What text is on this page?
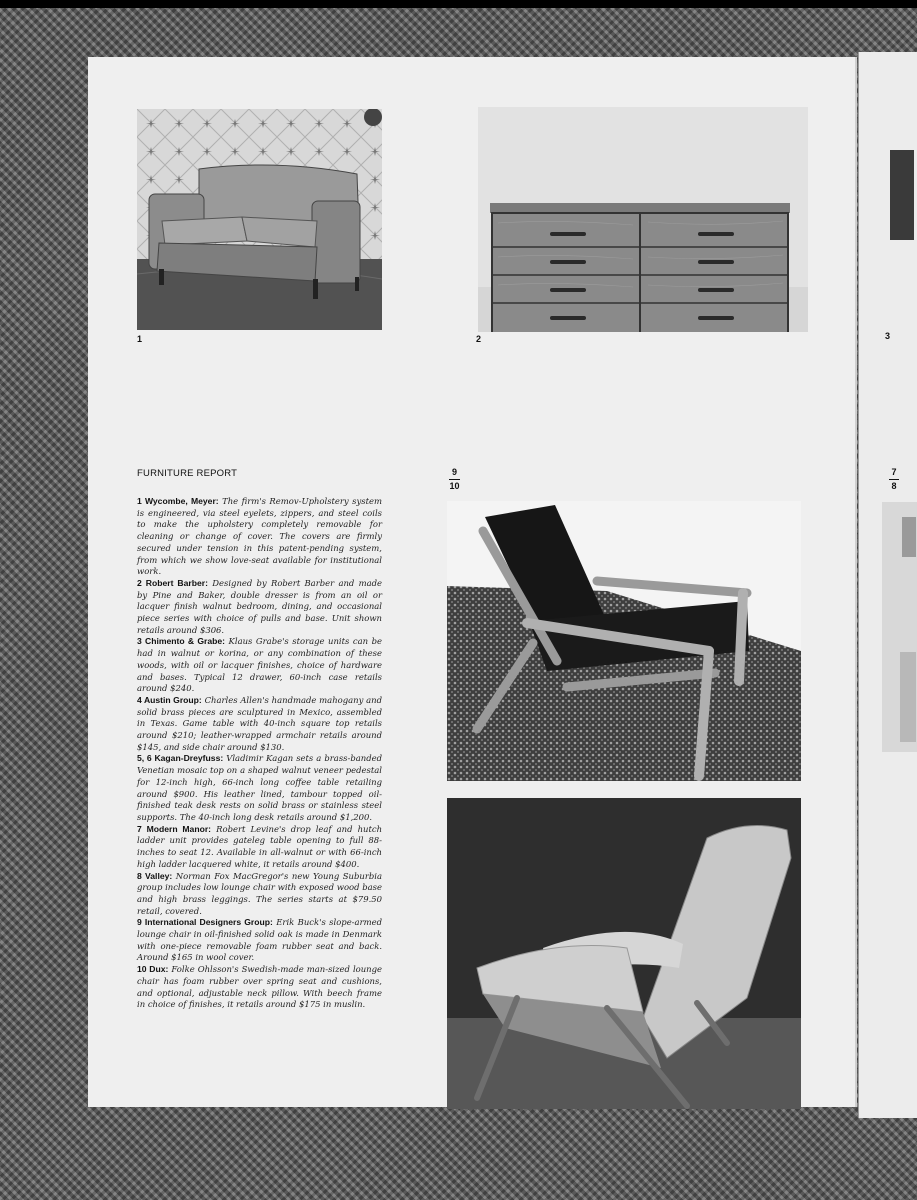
3
7
8
1	2
FURNITURE REPORT	9
10

1 Wycombe, Meyer: The firm's Remov-Upholstery system is engineered, via steel eyelets, zippers, and steel coils to make the upholstery completely removable for cleaning or change of cover. The covers are firmly secured under tension in this patent-pending system, from which we show love-seat available for institutional work.

2 Robert Barber: Designed by Robert Barber and made by Pine and Baker, double dresser is from an oil or lacquer finish walnut bedroom, dining, and occasional piece series with choice of pulls and base. Unit shown retails around $306.

3 Chimento & Grabe: Klaus Grabe's storage units can be had in walnut or korina, or any combination of these woods, with oil or lacquer finishes, choice of hardware and bases. Typical 12 drawer, 60-inch case retails around $240.

4 Austin Group: Charles Allen's handmade mahogany and solid brass pieces are sculptured in Mexico, assembled in Texas. Game table with 40-inch square top retails around $210; leather-wrapped armchair retails around $145, and side chair around $130.

5, 6 Kagan-Dreyfuss: Vladimir Kagan sets a brass-banded Venetian mosaic top on a shaped walnut veneer pedestal for 12-inch high, 66-inch long coffee table retailing around $900. His leather lined, tambour topped oil-finished teak desk rests on solid brass or stainless steel supports. The 40-inch long desk retails around $1,200.

7 Modern Manor: Robert Levine's drop leaf and hutch ladder unit provides gateleg table opening to full 88-inches to seat 12. Available in all-walnut or with 66-inch high ladder lacquered white, it retails around $400.

8 Valley: Norman Fox MacGregor's new Young Suburbia group includes low lounge chair with exposed wood base and high brass leggings. The series starts at $79.50 retail, covered.

9 International Designers Group: Erik Buck's slope-armed lounge chair in oil-finished solid oak is made in Denmark with one-piece removable foam rubber seat and back. Around $165 in wool cover.

10 Dux: Folke Ohlsson's Swedish-made man-sized lounge chair has foam rubber over spring seat and cushions, and optional, adjustable neck pillow. With beech frame in choice of finishes, it retails around $175 in muslin.
